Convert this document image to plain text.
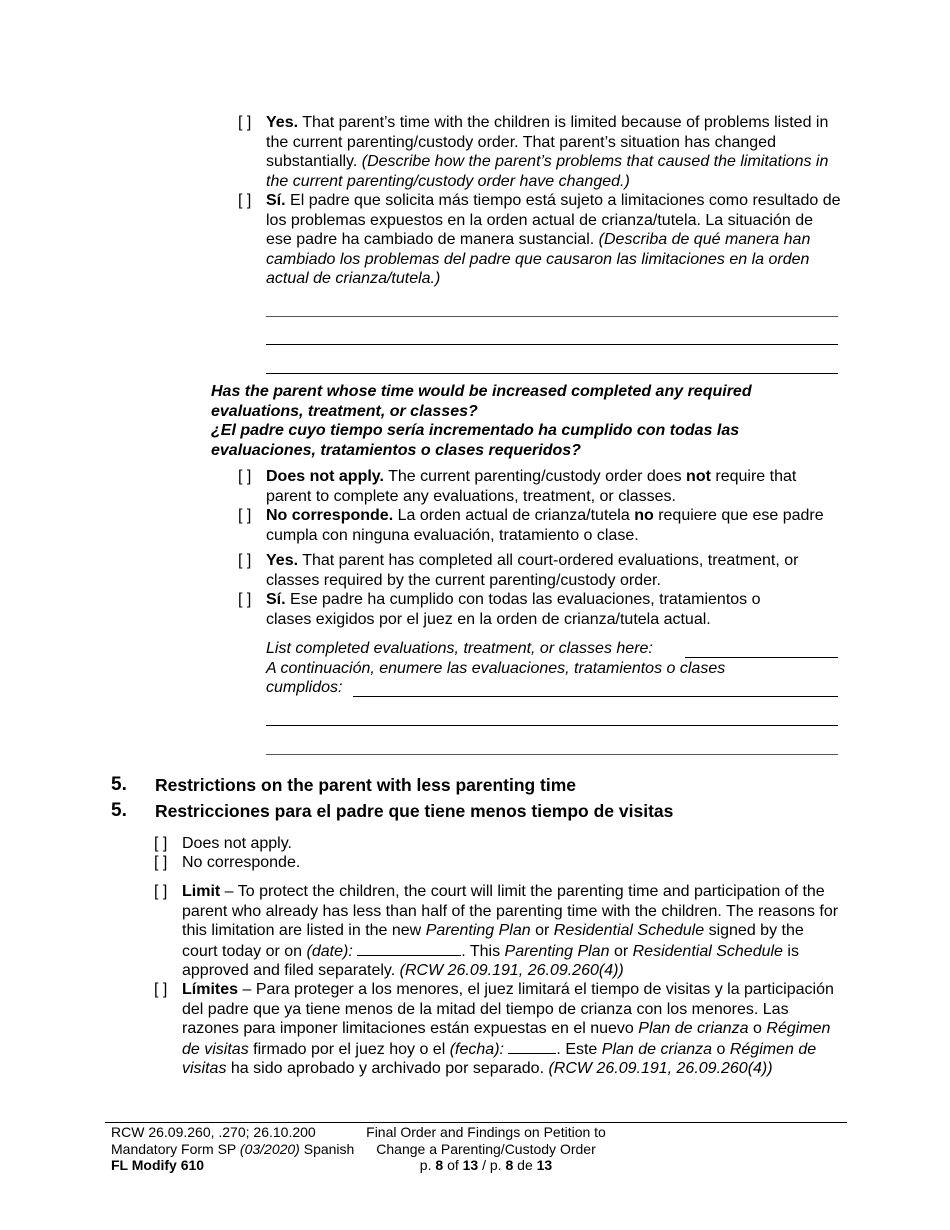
[ ] Yes. That parent’s time with the children is limited because of problems listed in the current parenting/custody order. That parent’s situation has changed substantially. (Describe how the parent’s problems that caused the limitations in the current parenting/custody order have changed.)
[ ] Sí. El padre que solicita más tiempo está sujeto a limitaciones como resultado de los problemas expuestos en la orden actual de crianza/tutela. La situación de ese padre ha cambiado de manera sustancial. (Describa de qué manera han cambiado los problemas del padre que causaron las limitaciones en la orden actual de crianza/tutela.)
Has the parent whose time would be increased completed any required evaluations, treatment, or classes?
¿El padre cuyo tiempo sería incrementado ha cumplido con todas las evaluaciones, tratamientos o clases requeridos?
[ ] Does not apply. The current parenting/custody order does not require that parent to complete any evaluations, treatment, or classes.
[ ] No corresponde. La orden actual de crianza/tutela no requiere que ese padre cumpla con ninguna evaluación, tratamiento o clase.
[ ] Yes. That parent has completed all court-ordered evaluations, treatment, or classes required by the current parenting/custody order.
[ ] Sí. Ese padre ha cumplido con todas las evaluaciones, tratamientos o clases exigidos por el juez en la orden de crianza/tutela actual.
List completed evaluations, treatment, or classes here:
A continuación, enumere las evaluaciones, tratamientos o clases
cumplidos:
5. Restrictions on the parent with less parenting time
5. Restricciones para el padre que tiene menos tiempo de visitas
[ ] Does not apply.
[ ] No corresponde.
[ ] Limit – To protect the children, the court will limit the parenting time and participation of the parent who already has less than half of the parenting time with the children. The reasons for this limitation are listed in the new Parenting Plan or Residential Schedule signed by the court today or on (date):	. This Parenting Plan or Residential Schedule is approved and filed separately. (RCW 26.09.191, 26.09.260(4))
[ ] Límites – Para proteger a los menores, el juez limitará el tiempo de visitas y la participación del padre que ya tiene menos de la mitad del tiempo de crianza con los menores. Las razones para imponer limitaciones están expuestas en el nuevo Plan de crianza o Régimen de visitas firmado por el juez hoy o el (fecha):	. Este Plan de crianza o Régimen de visitas ha sido aprobado y archivado por separado. (RCW 26.09.191, 26.09.260(4))
RCW 26.09.260, .270; 26.10.200
Mandatory Form SP (03/2020) Spanish
FL Modify 610
Final Order and Findings on Petition to
Change a Parenting/Custody Order
p. 8 of 13 / p. 8 de 13
